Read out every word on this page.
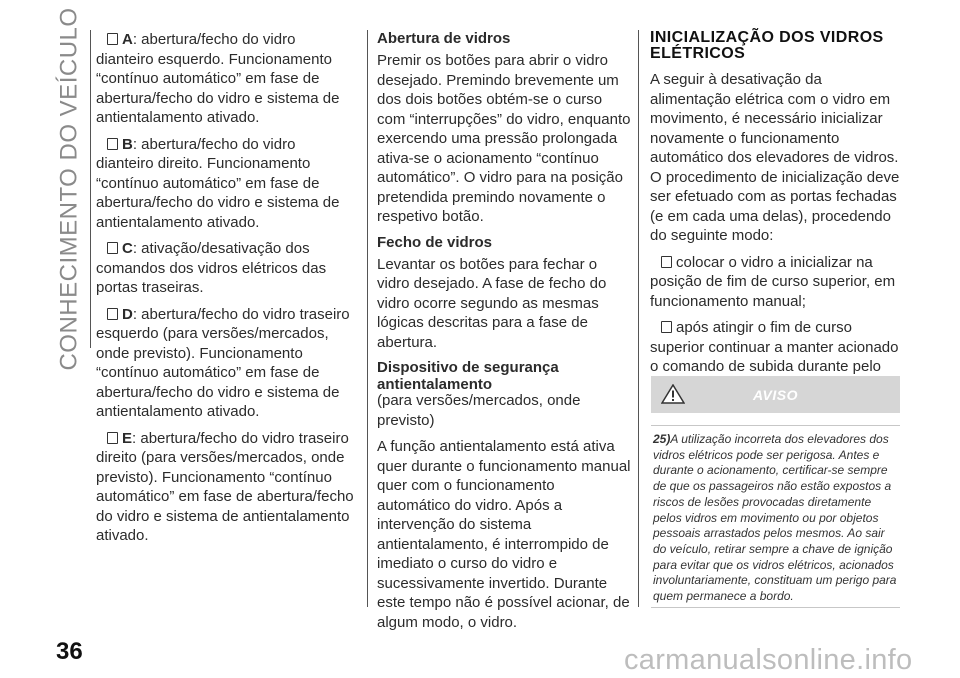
CONHECIMENTO DO VEÍCULO	A: abertura/fecho do vidro dianteiro esquerdo. Funcionamento “contínuo automático” em fase de abertura/fecho do vidro e sistema de antientalamento ativado.

B: abertura/fecho do vidro dianteiro direito. Funcionamento “contínuo automático” em fase de abertura/fecho do vidro e sistema de antientalamento ativado.

C: ativação/desativação dos comandos dos vidros elétricos das portas traseiras.

D: abertura/fecho do vidro traseiro esquerdo (para versões/mercados, onde previsto). Funcionamento “contínuo automático” em fase de abertura/fecho do vidro e sistema de antientalamento ativado.

E: abertura/fecho do vidro traseiro direito (para versões/mercados, onde previsto). Funcionamento “contínuo automático” em fase de abertura/fecho do vidro e sistema de antientalamento ativado.

Abertura de vidros

Premir os botões para abrir o vidro desejado. Premindo brevemente um dos dois botões obtém-se o curso com “interrupções” do vidro, enquanto exercendo uma pressão prolongada ativa-se o acionamento “contínuo automático”. O vidro para na posição pretendida premindo novamente o respetivo botão.

Fecho de vidros

Levantar os botões para fechar o vidro desejado. A fase de fecho do vidro ocorre segundo as mesmas lógicas descritas para a fase de abertura.

Dispositivo de segurança antientalamento

(para versões/mercados, onde previsto)

A função antientalamento está ativa quer durante o funcionamento manual quer com o funcionamento automático do vidro. Após a intervenção do sistema antientalamento, é interrompido de imediato o curso do vidro e sucessivamente invertido. Durante este tempo não é possível acionar, de algum modo, o vidro.

INICIALIZAÇÃO DOS VIDROS ELÉTRICOS

A seguir à desativação da alimentação elétrica com o vidro em movimento, é necessário inicializar novamente o funcionamento automático dos elevadores de vidros. O procedimento de inicialização deve ser efetuado com as portas fechadas (e em cada uma delas), procedendo do seguinte modo:

colocar o vidro a inicializar na posição de fim de curso superior, em funcionamento manual;

após atingir o fim de curso superior continuar a manter acionado o comando de subida durante pelo

AVISO
25)A utilização incorreta dos elevadores dos vidros elétricos pode ser perigosa. Antes e durante o acionamento, certificar-se sempre de que os passageiros não estão expostos a riscos de lesões provocadas diretamente pelos vidros em movimento ou por objetos pessoais arrastados pelos mesmos. Ao sair do veículo, retirar sempre a chave de ignição para evitar que os vidros elétricos, acionados involuntariamente, constituam um perigo para quem permanece a bordo.
36	carmanualsonline.info
